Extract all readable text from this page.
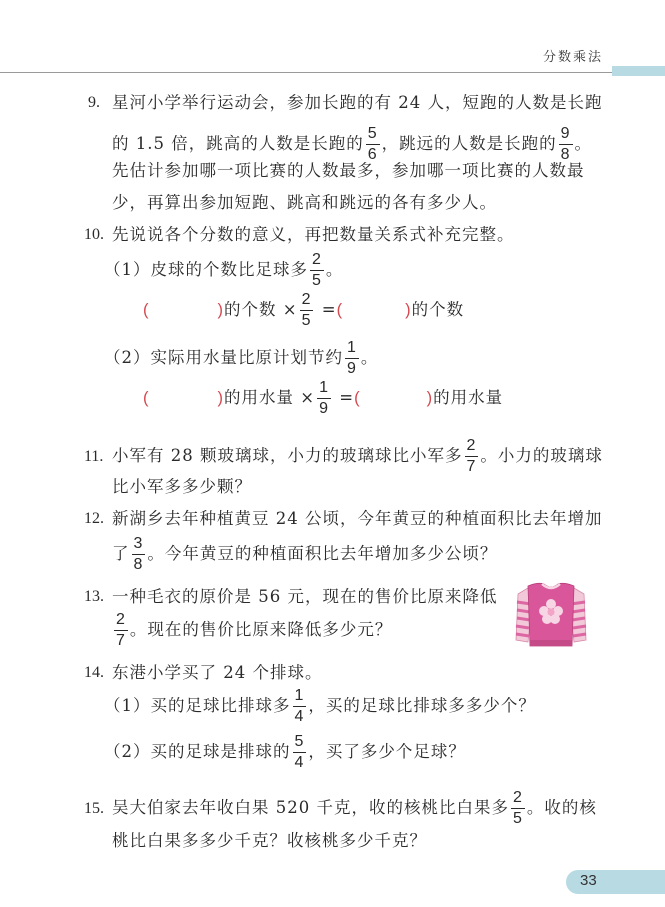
分数乘法
9. 星河小学举行运动会，参加长跑的有 24 人，短跑的人数是长跑
的 1.5 倍，跳高的人数是长跑的 $\frac{5}{6}$ ，跳远的人数是长跑的 $\frac{9}{8}$ 。
先估计参加哪一项比赛的人数最多，参加哪一项比赛的人数最
少，再算出参加短跑、跳高和跳远的各有多少人。
10. 先说说各个分数的意义，再把数量关系式补充完整。
（1）皮球的个数比足球多 $\frac{2}{5}$ 。
(	)的个数 × $\frac{2}{5}$ =(	)的个数
（2）实际用水量比原计划节约 $\frac{1}{9}$ 。
(	)的用水量 × $\frac{1}{9}$ =(	)的用水量
11. 小军有 28 颗玻璃球，小力的玻璃球比小军多 $\frac{2}{7}$ 。小力的玻璃球
比小军多多少颗？
12. 新湖乡去年种植黄豆 24 公顷，今年黄豆的种植面积比去年增加
了 $\frac{3}{8}$ 。今年黄豆的种植面积比去年增加多少公顷？
13. 一种毛衣的原价是 56 元，现在的售价比原来降低
$\frac{2}{7}$ 。现在的售价比原来降低多少元？
14. 东港小学买了 24 个排球。
（1）买的足球比排球多 $\frac{1}{4}$ ，买的足球比排球多多少个？
（2）买的足球是排球的 $\frac{5}{4}$ ，买了多少个足球？
15. 吴大伯家去年收白果 520 千克，收的核桃比白果多 $\frac{2}{5}$ 。收的核
桃比白果多多少千克？收核桃多少千克？
33
